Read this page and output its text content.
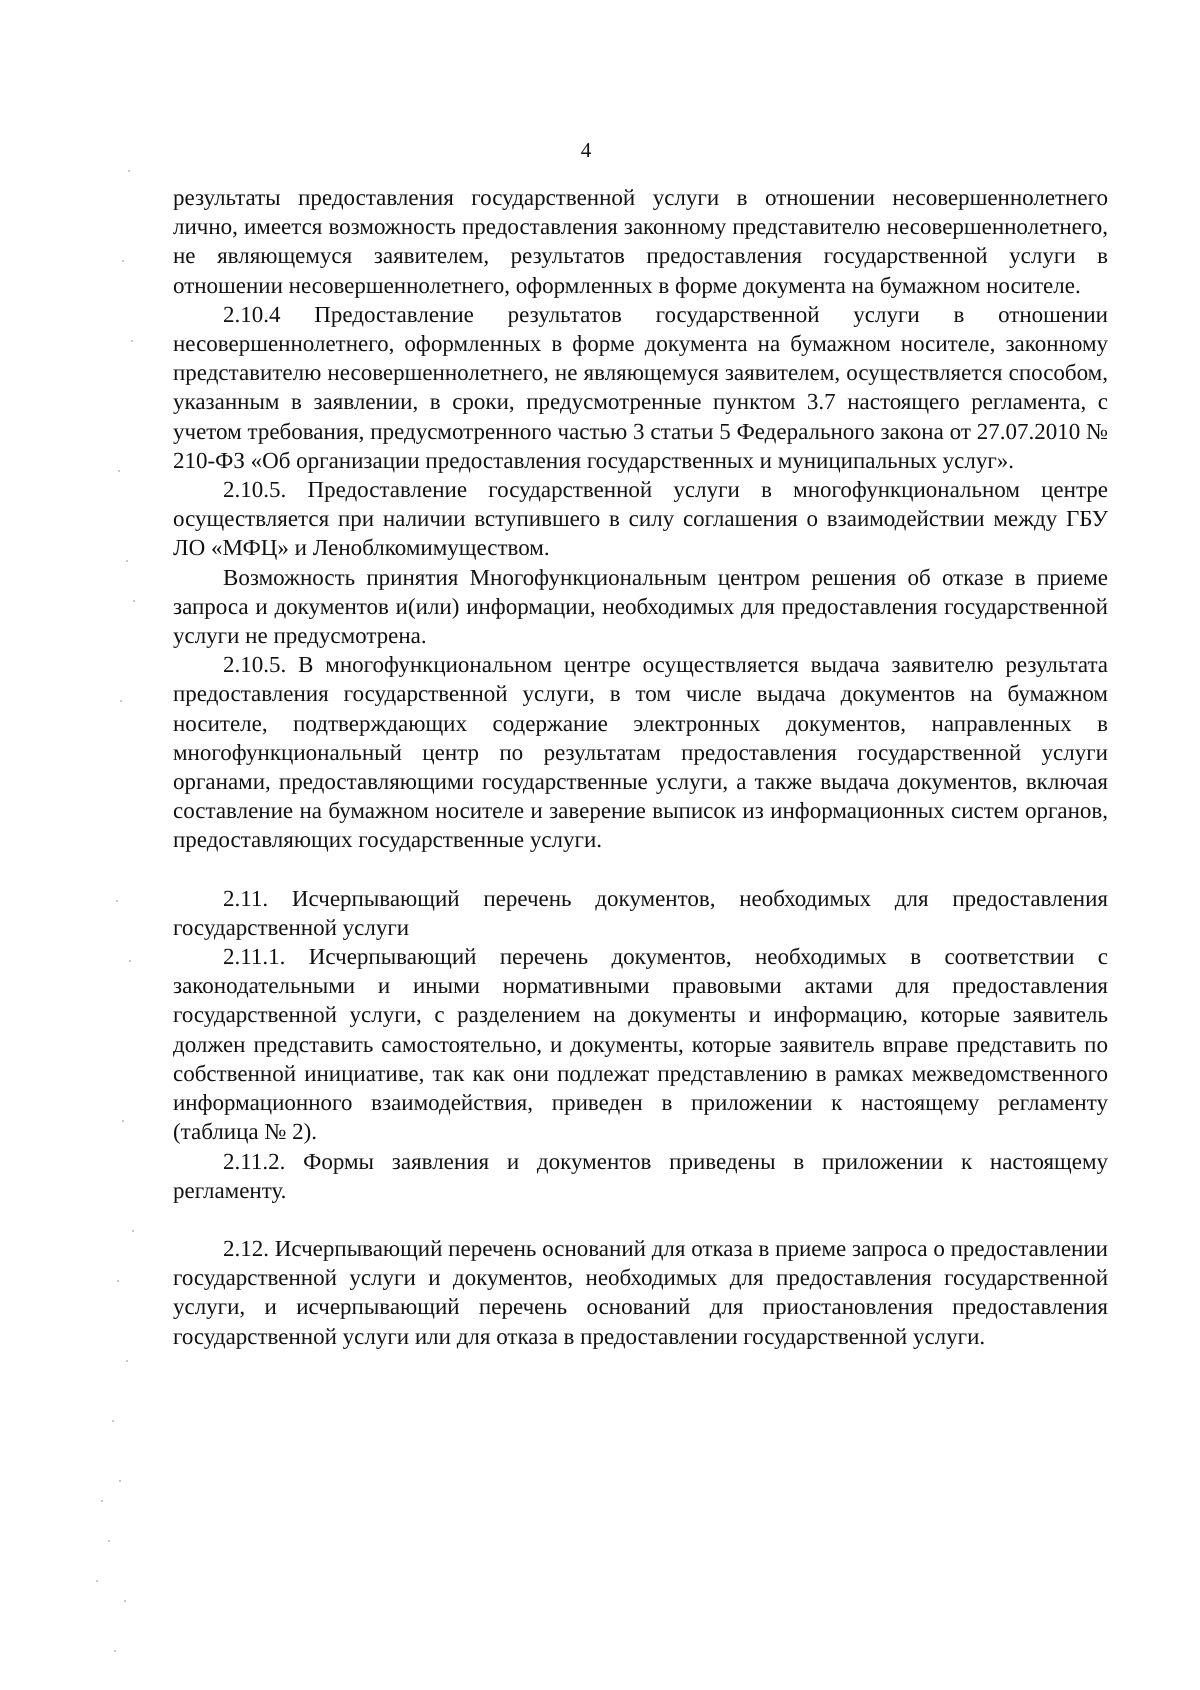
4

результаты предоставления государственной услуги в отношении несовершеннолетнего лично, имеется возможность предоставления законному представителю несовершеннолетнего, не являющемуся заявителем, результатов предоставления государственной услуги в отношении несовершеннолетнего, оформленных в форме документа на бумажном носителе.

2.10.4 Предоставление результатов государственной услуги в отношении несовершеннолетнего, оформленных в форме документа на бумажном носителе, законному представителю несовершеннолетнего, не являющемуся заявителем, осуществляется способом, указанным в заявлении, в сроки, предусмотренные пунктом 3.7 настоящего регламента, с учетом требования, предусмотренного частью 3 статьи 5 Федерального закона от 27.07.2010 № 210-ФЗ «Об организации предоставления государственных и муниципальных услуг».

2.10.5. Предоставление государственной услуги в многофункциональном центре осуществляется при наличии вступившего в силу соглашения о взаимодействии между ГБУ ЛО «МФЦ» и Леноблкомимуществом.

Возможность принятия Многофункциональным центром решения об отказе в приеме запроса и документов и(или) информации, необходимых для предоставления государственной услуги не предусмотрена.

2.10.5. В многофункциональном центре осуществляется выдача заявителю результата предоставления государственной услуги, в том числе выдача документов на бумажном носителе, подтверждающих содержание электронных документов, направленных в многофункциональный центр по результатам предоставления государственной услуги органами, предоставляющими государственные услуги, а также выдача документов, включая составление на бумажном носителе и заверение выписок из информационных систем органов, предоставляющих государственные услуги.

2.11. Исчерпывающий перечень документов, необходимых для предоставления государственной услуги

2.11.1. Исчерпывающий перечень документов, необходимых в соответствии с законодательными и иными нормативными правовыми актами для предоставления государственной услуги, с разделением на документы и информацию, которые заявитель должен представить самостоятельно, и документы, которые заявитель вправе представить по собственной инициативе, так как они подлежат представлению в рамках межведомственного информационного взаимодействия, приведен в приложении к настоящему регламенту (таблица № 2).

2.11.2. Формы заявления и документов приведены в приложении к настоящему регламенту.

2.12. Исчерпывающий перечень оснований для отказа в приеме запроса о предоставлении государственной услуги и документов, необходимых для предоставления государственной услуги, и исчерпывающий перечень оснований для приостановления предоставления государственной услуги или для отказа в предоставлении государственной услуги.
